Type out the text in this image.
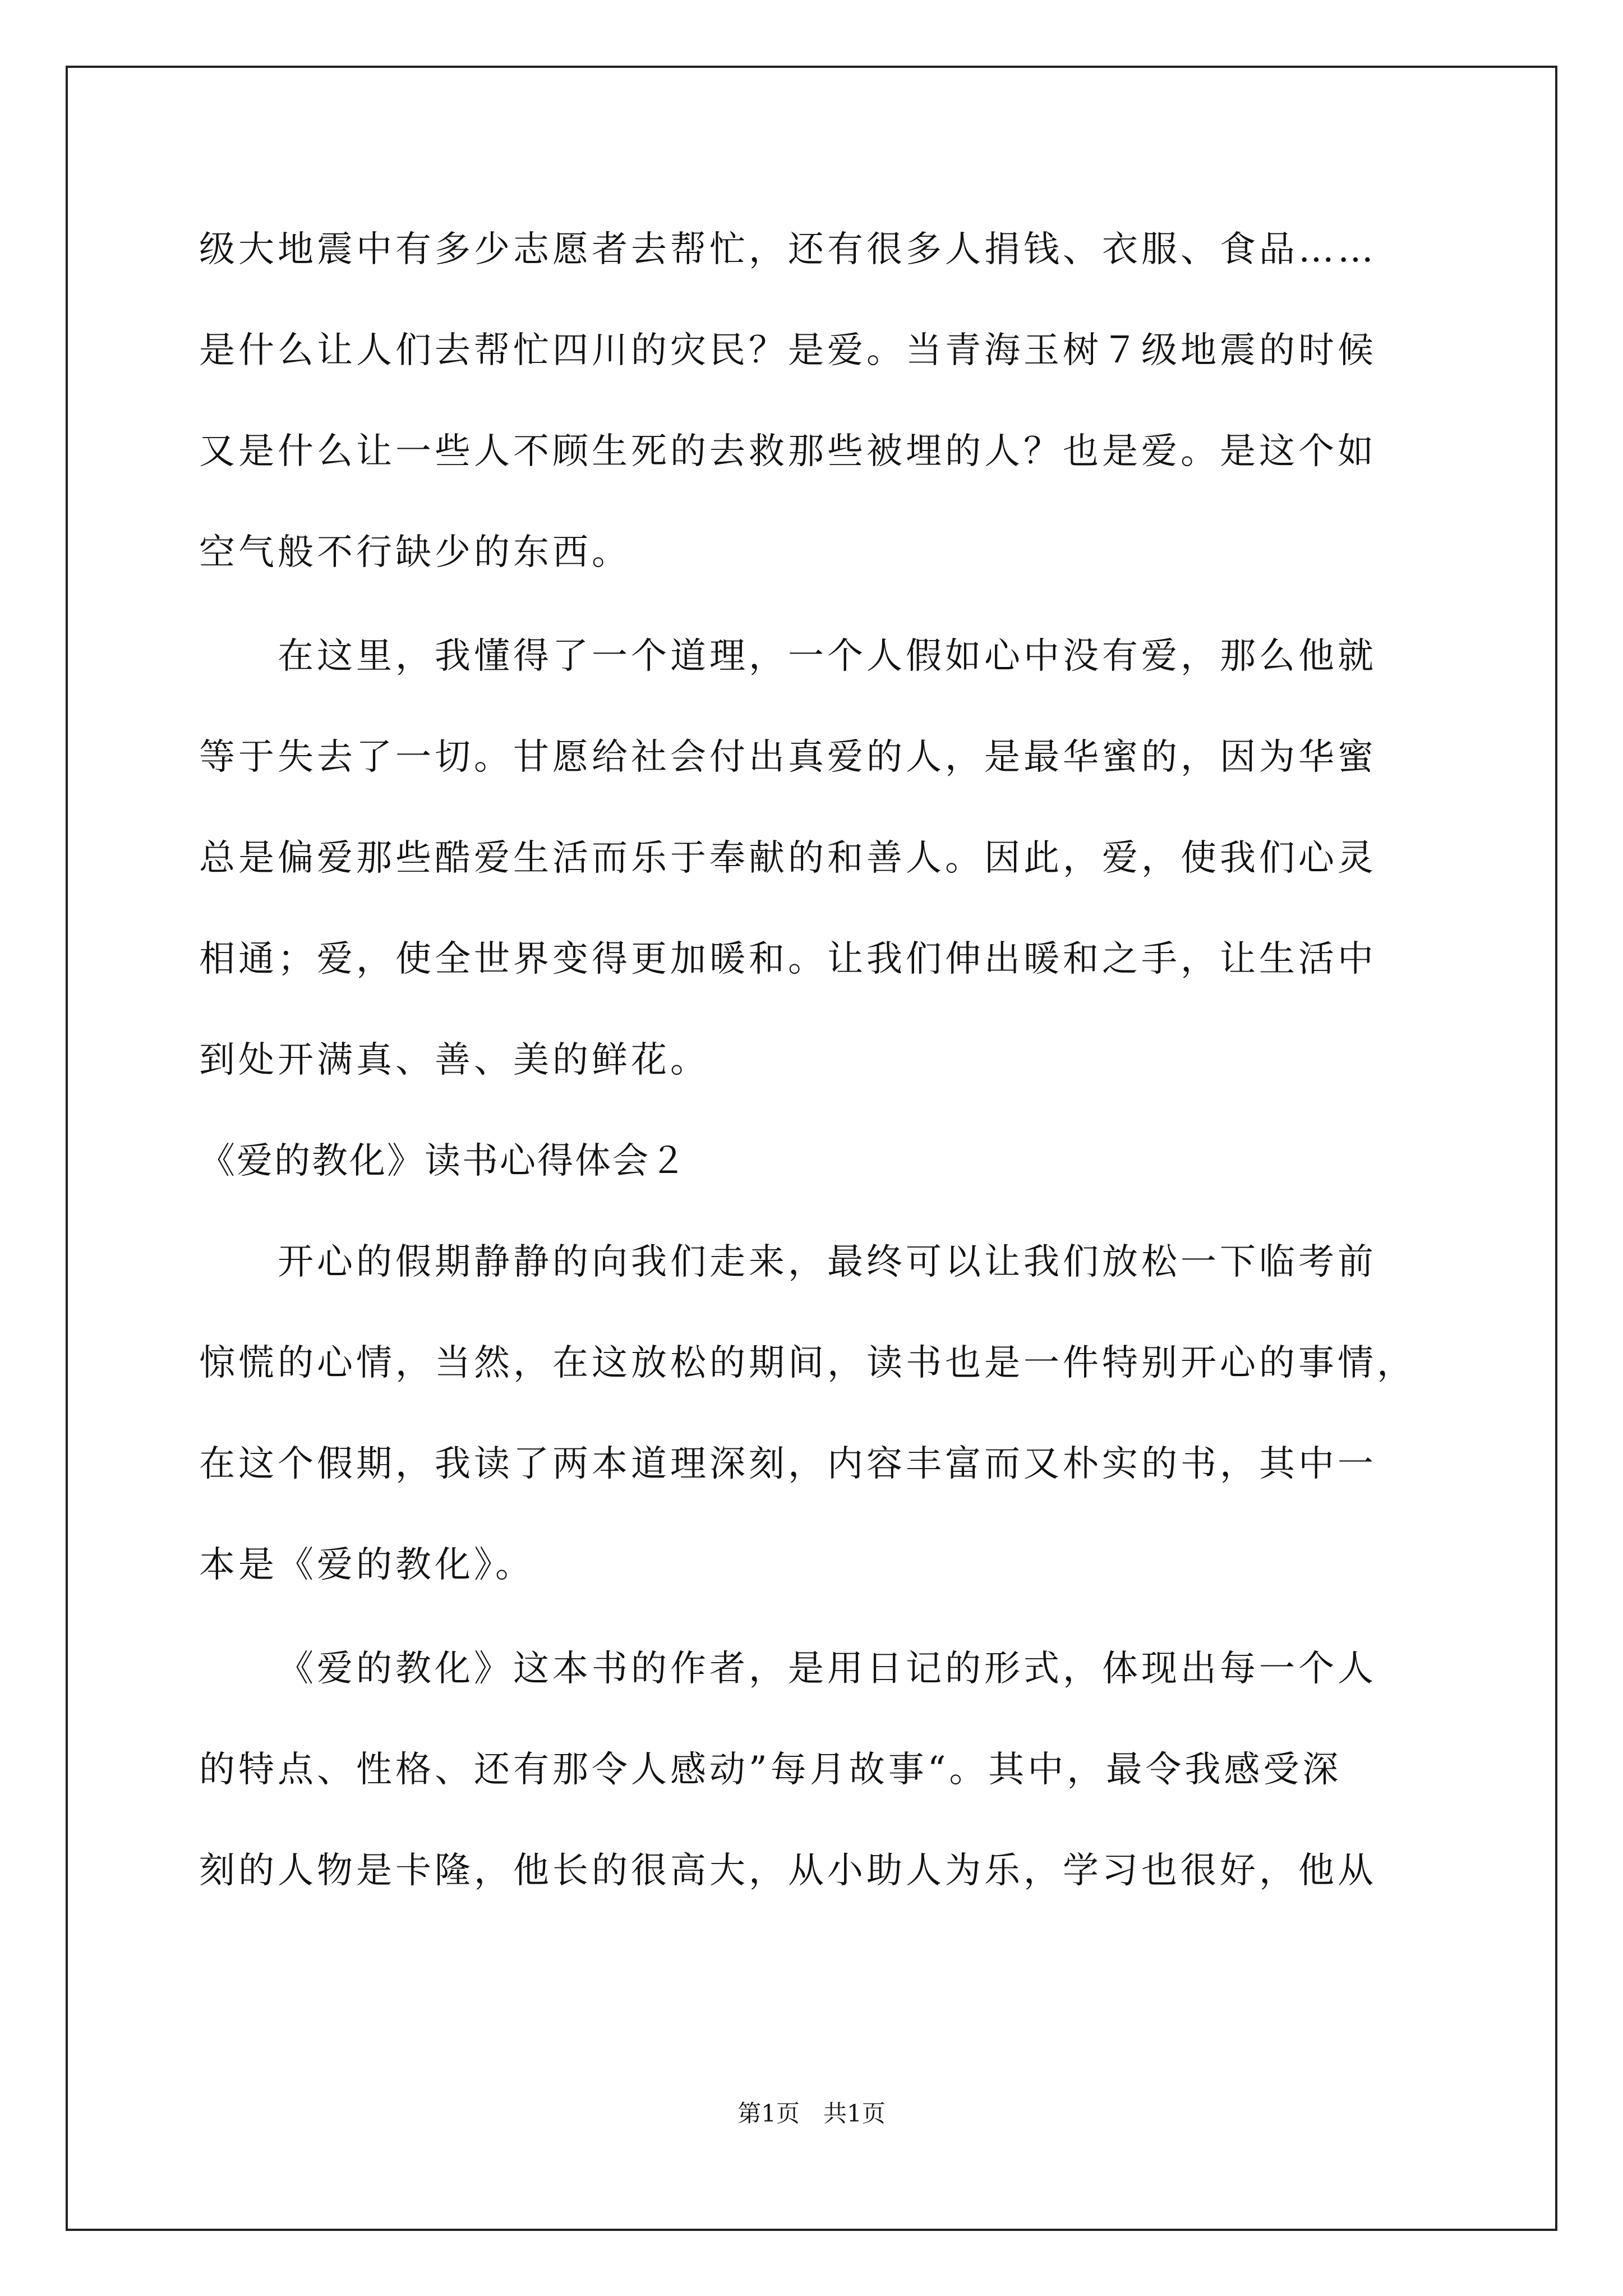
级大地震中有多少志愿者去帮忙，还有很多人捐钱、衣服、食品……
是什么让人们去帮忙四川的灾民？是爱。当青海玉树７级地震的时候
又是什么让一些人不顾生死的去救那些被埋的人？也是爱。是这个如
空气般不行缺少的东西。
在这里，我懂得了一个道理，一个人假如心中没有爱，那么他就
等于失去了一切。甘愿给社会付出真爱的人，是最华蜜的，因为华蜜
总是偏爱那些酷爱生活而乐于奉献的和善人。因此，爱，使我们心灵
相通；爱，使全世界变得更加暖和。让我们伸出暖和之手，让生活中
到处开满真、善、美的鲜花。
《爱的教化》读书心得体会２
开心的假期静静的向我们走来，最终可以让我们放松一下临考前
惊慌的心情，当然，在这放松的期间，读书也是一件特别开心的事情，
在这个假期，我读了两本道理深刻，内容丰富而又朴实的书，其中一
本是《爱的教化》。
《爱的教化》这本书的作者，是用日记的形式，体现出每一个人
的特点、性格、还有那令人感动”每月故事“。其中，最令我感受深
刻的人物是卡隆，他长的很高大，从小助人为乐，学习也很好，他从
第1页　共1页
